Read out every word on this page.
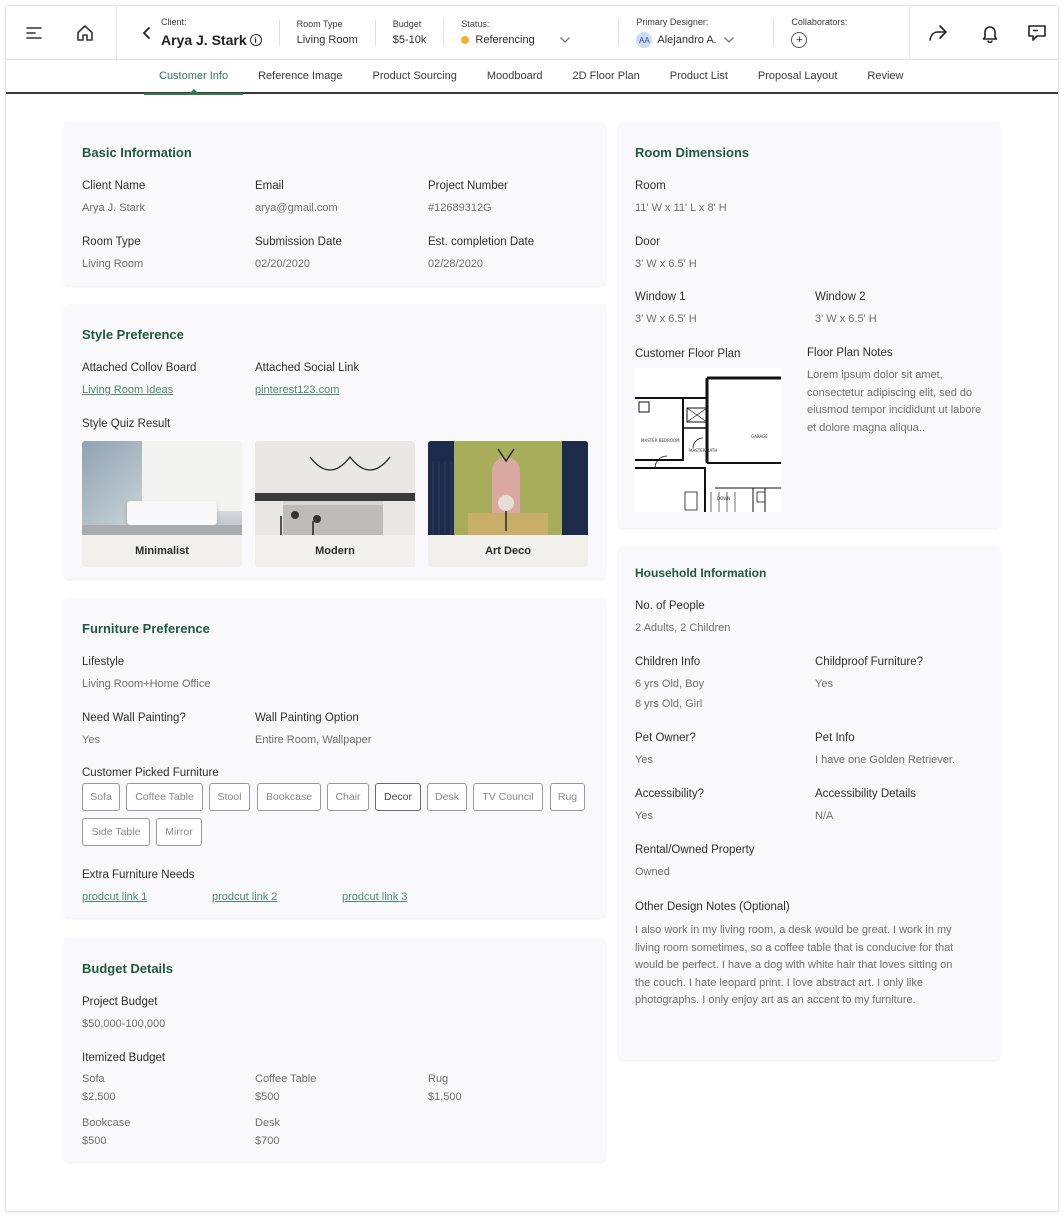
Client:
Arya J. Stark i
Room Type
Living Room
Budget
$5-10k
Status:
Referencing
Primary Designer:
AA Alejandro A.
Collaborators:
+
Customer Info	Reference Image	Product Sourcing	Moodboard	2D Floor Plan	Product List	Proposal Layout	Review
Basic Information
Client Name
Arya J. Stark
Email
arya@gmail.com
Project Number
#12689312G
Room Type
Living Room
Submission Date
02/20/2020
Est. completion Date
02/28/2020
Style Preference
Attached Collov Board
Living Room Ideas
Attached Social Link
pinterest123.com
Style Quiz Result
Minimalist	Modern	Art Deco
Furniture Preference
Lifestyle
Living Room+Home Office
Need Wall Painting?
Yes
Wall Painting Option
Entire Room, Wallpaper
Customer Picked Furniture
Sofa	Coffee Table	Stool	Bookcase	Chair	Decor	Desk	TV Council	Rug
Side Table	Mirror
Extra Furniture Needs
prodcut link 1	prodcut link 2	prodcut link 3
Budget Details
Project Budget
$50,000-100,000
Itemized Budget
Sofa
$2,500
Coffee Table
$500
Rug
$1,500
Bookcase
$500
Desk
$700
Room Dimensions
Room
11' W x 11' L x 8' H
Door
3' W x 6.5' H
Window 1
3' W x 6.5' H
Window 2
3' W x 6.5' H
Customer Floor Plan
MASTER BEDROOM
MASTER BATH
GARAGE
DOWN
Floor Plan Notes
Lorem ipsum dolor sit amet, consectetur adipiscing elit, sed do eiusmod tempor incididunt ut labore et dolore magna aliqua..
Household Information
No. of People
2 Adults, 2 Children
Children Info
6 yrs Old, Boy
8 yrs Old, Girl
Childproof Furniture?
Yes
Pet Owner?
Yes
Pet Info
I have one Golden Retriever.
Accessibility?
Yes
Accessibility Details
N/A
Rental/Owned Property
Owned
Other Design Notes (Optional)
I also work in my living room, a desk would be great. I work in my living room sometimes, so a coffee table that is conducive for that would be perfect. I have a dog with white hair that loves sitting on the couch. I hate leopard print. I love abstract art. I only like photographs. I only enjoy art as an accent to my furniture.
